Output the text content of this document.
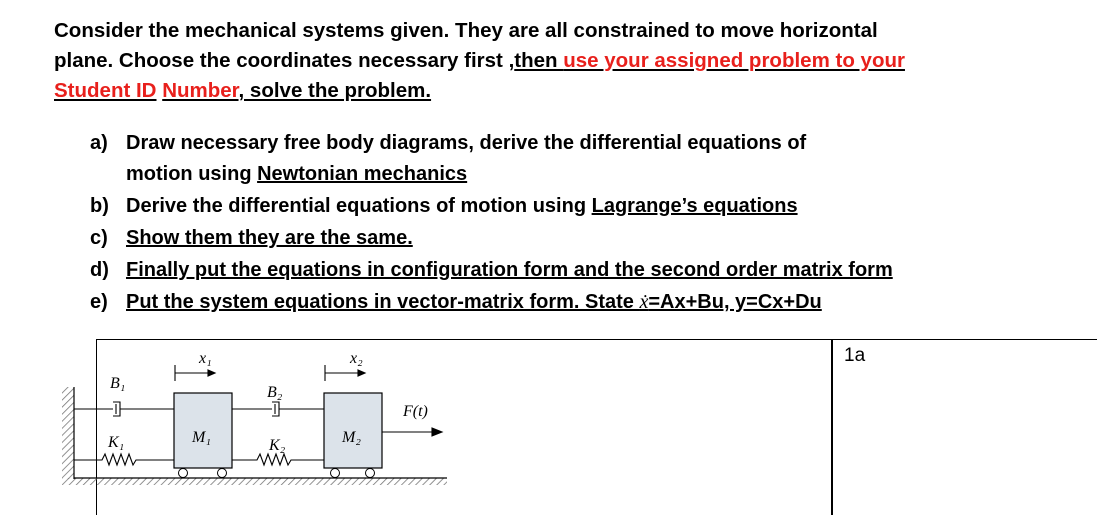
Consider the mechanical systems given. They are all constrained to move horizontal
plane. Choose the coordinates necessary first ,then use your assigned problem to your
Student ID Number, solve the problem.
a) Draw necessary free body diagrams, derive the differential equations of
motion using Newtonian mechanics
b) Derive the differential equations of motion using Lagrange’s equations
c) Show them they are the same.
d) Finally put the equations in configuration form and the second order matrix form
e) Put the system equations in vector-matrix form. State ẋ=Ax+Bu, y=Cx+Du
1a
M₁	M₂
B₁
K₁
B₂
K₂
x₁	x₂
F(t)
